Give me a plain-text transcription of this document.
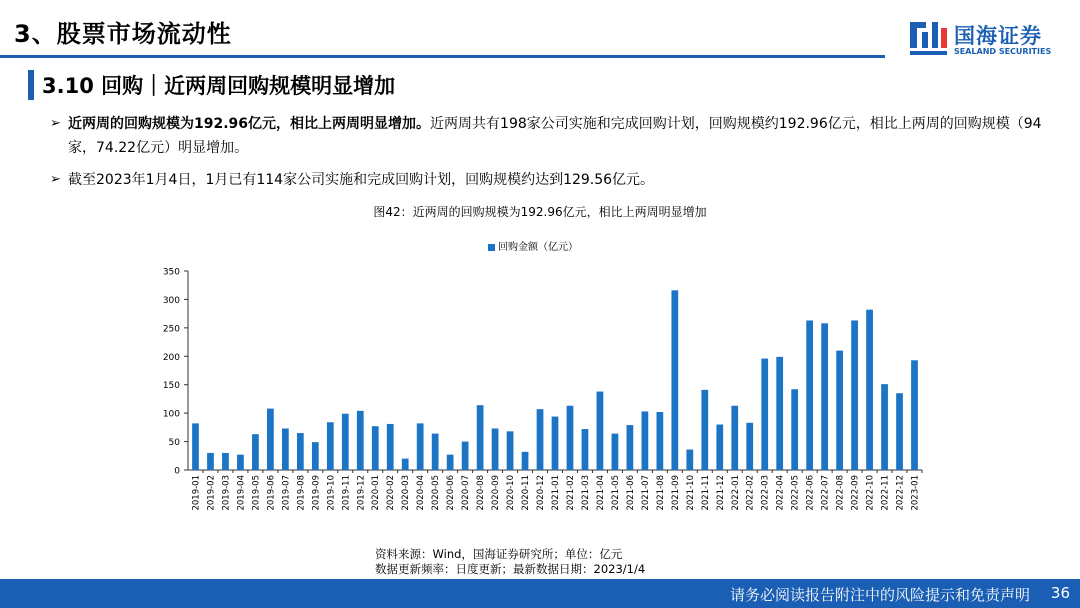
3、股票市场流动性	国海证券
SEALAND SECURITIES
3.10 回购｜近两周回购规模明显增加
➢ 近两周的回购规模为192.96亿元，相比上两周明显增加。近两周共有198家公司实施和完成回购计划，回购规模约192.96亿元，相比上两周的回购规模（94家，74.22亿元）明显增加。
➢ 截至2023年1月4日，1月已有114家公司实施和完成回购计划，回购规模约达到129.56亿元。
图42：近两周的回购规模为192.96亿元，相比上两周明显增加
回购金额（亿元）
0
50
100
150
200
250
300
350
2019-01 2019-02 2019-03 2019-04 2019-05 2019-06 2019-07 2019-08 2019-09 2019-10 2019-11 2019-12 2020-01 2020-02 2020-03 2020-04 2020-05 2020-06 2020-07 2020-08 2020-09 2020-10 2020-11 2020-12 2021-01 2021-02 2021-03 2021-04 2021-05 2021-06 2021-07 2021-08 2021-09 2021-10 2021-11 2021-12 2022-01 2022-02 2022-03 2022-04 2022-05 2022-06 2022-07 2022-08 2022-09 2022-10 2022-11 2022-12 2023-01
资料来源：Wind，国海证券研究所；单位：亿元
数据更新频率：日度更新；最新数据日期：2023/1/4
请务必阅读报告附注中的风险提示和免责声明 36
